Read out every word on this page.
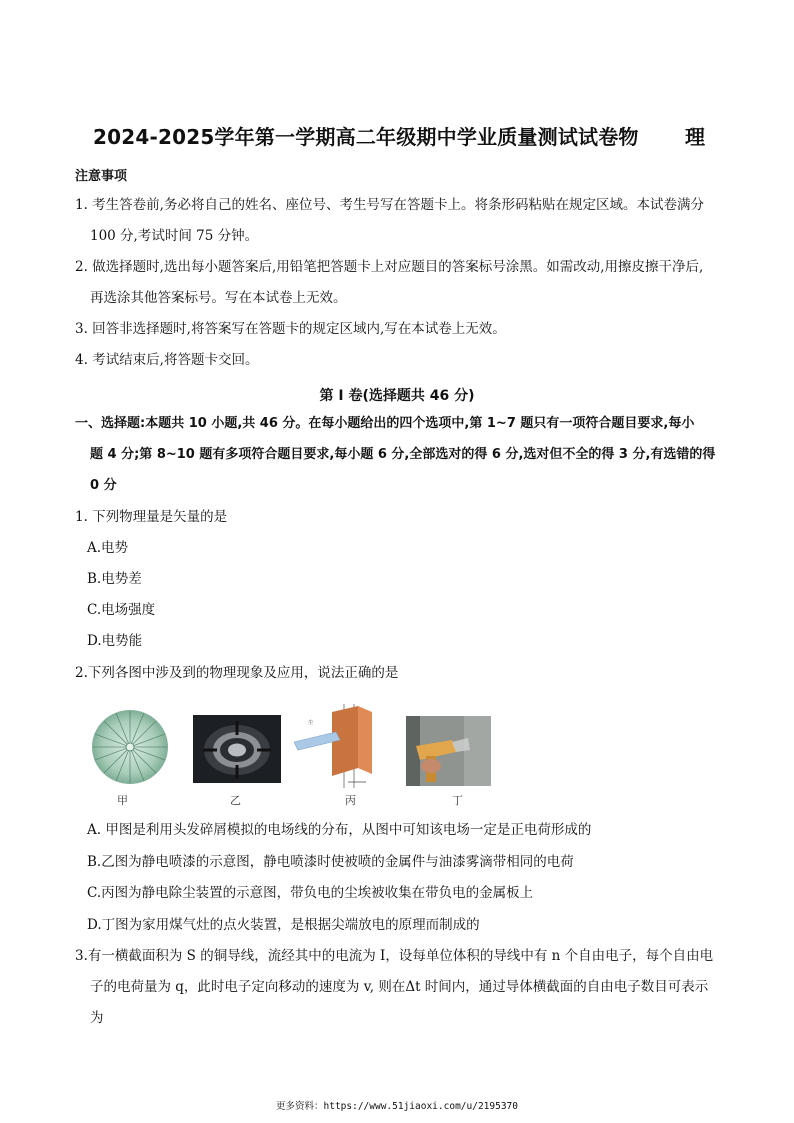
2024-2025学年第一学期高二年级期中学业质量测试试卷物 理
注意事项
1. 考生答卷前,务必将自己的姓名、座位号、考生号写在答题卡上。将条形码粘贴在规定区域。本试卷满分
100 分,考试时间 75 分钟。
2. 做选择题时,选出每小题答案后,用铅笔把答题卡上对应题目的答案标号涂黑。如需改动,用擦皮擦干净后,
再选涂其他答案标号。写在本试卷上无效。
3. 回答非选择题时,将答案写在答题卡的规定区域内,写在本试卷上无效。
4. 考试结束后,将答题卡交回。
第 I 卷(选择题共 46 分)
一、选择题:本题共 10 小题,共 46 分。在每小题给出的四个选项中,第 1~7 题只有一项符合题目要求,每小
题 4 分;第 8~10 题有多项符合题目要求,每小题 6 分,全部选对的得 6 分,选对但不全的得 3 分,有选错的得
0 分
1. 下列物理量是矢量的是
A.电势
B.电势差
C.电场强度
D.电势能
2.下列各图中涉及到的物理现象及应用，说法正确的是
甲	乙
尘
丙	丁
A. 甲图是利用头发碎屑模拟的电场线的分布，从图中可知该电场一定是正电荷形成的
B.乙图为静电喷漆的示意图，静电喷漆时使被喷的金属件与油漆雾滴带相同的电荷
C.丙图为静电除尘装置的示意图，带负电的尘埃被收集在带负电的金属板上
D.丁图为家用煤气灶的点火装置，是根据尖端放电的原理而制成的
3.有一横截面积为 S 的铜导线，流经其中的电流为 I，设每单位体积的导线中有 n 个自由电子，每个自由电
子的电荷量为 q，此时电子定向移动的速度为 v, 则在Δt 时间内，通过导体横截面的自由电子数目可表示
为
更多资料：https://www.51jiaoxi.com/u/2195370
